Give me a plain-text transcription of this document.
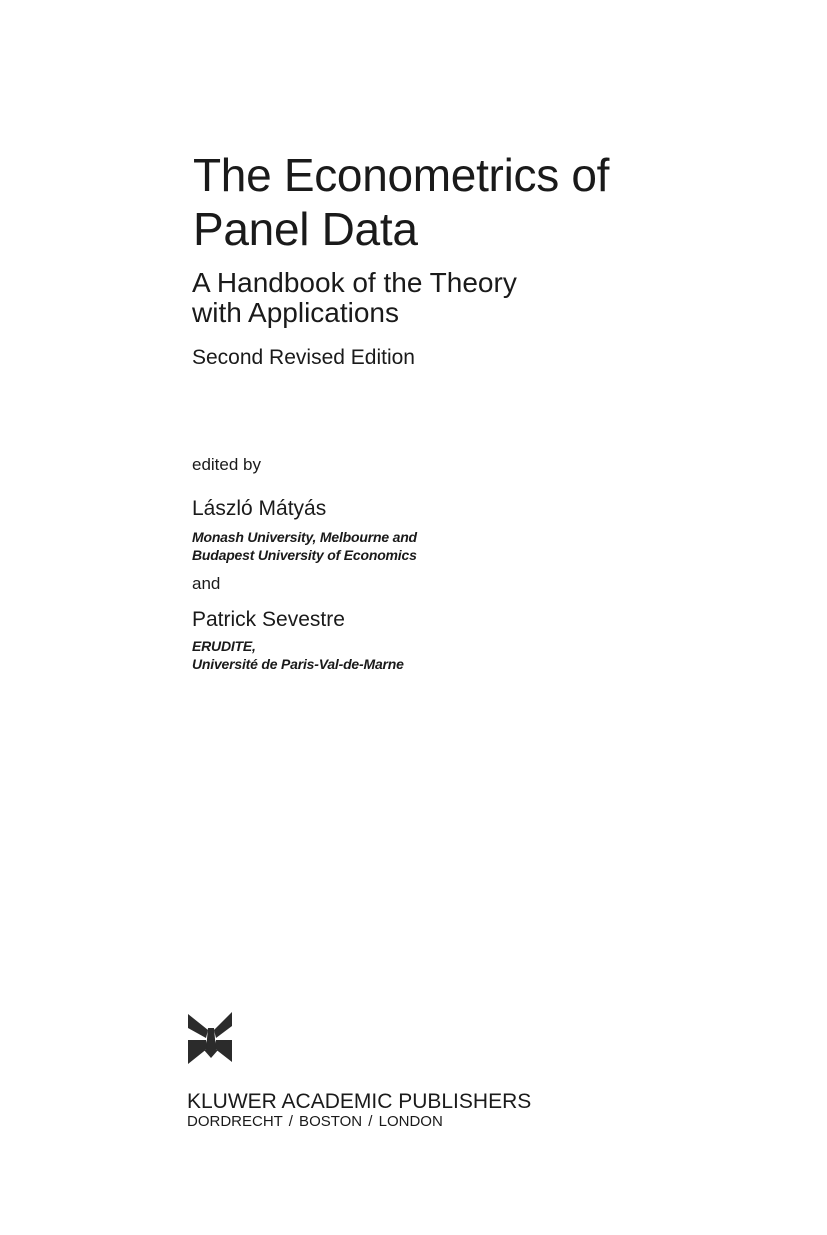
The Econometrics of
Panel Data
A Handbook of the Theory
with Applications
Second Revised Edition
edited by
László Mátyás
Monash University, Melbourne and
Budapest University of Economics
and
Patrick Sevestre
ERUDITE,
Université de Paris-Val-de-Marne
KLUWER ACADEMIC PUBLISHERS
DORDRECHT / BOSTON / LONDON
